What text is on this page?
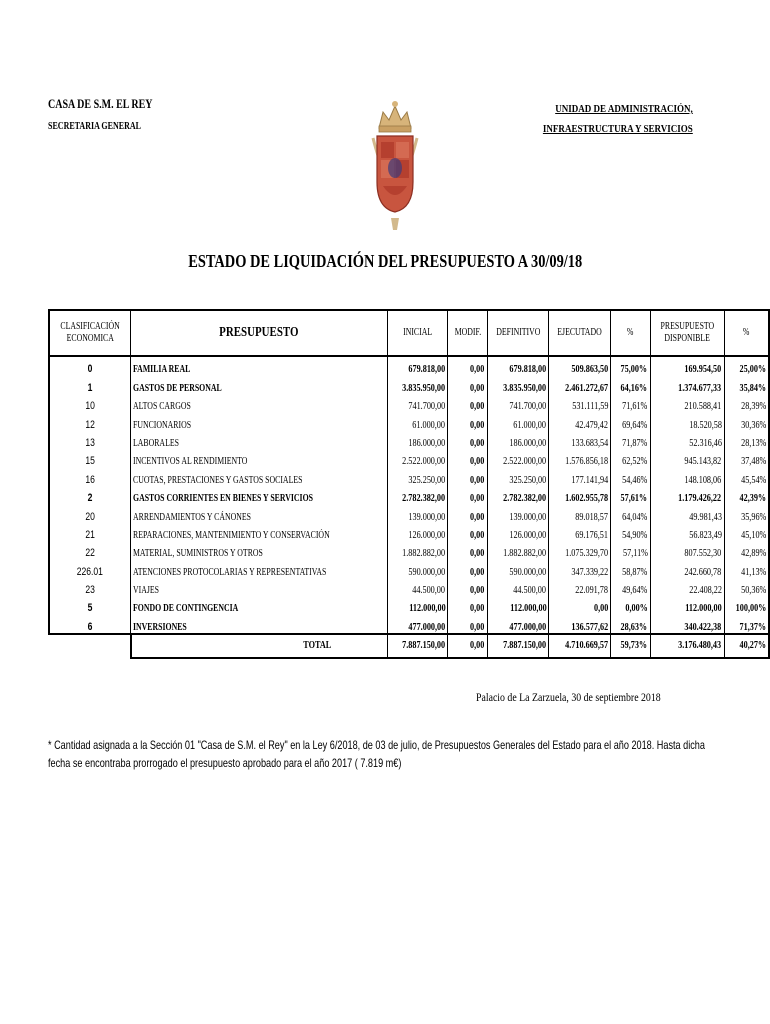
CASA DE S.M. EL REY
SECRETARIA GENERAL
UNIDAD DE ADMINISTRACIÓN,
INFRAESTRUCTURA Y SERVICIOS
ESTADO DE LIQUIDACIÓN DEL PRESUPUESTO A 30/09/18
CLASIFICACIÓN
ECONOMICA	PRESUPUESTO	INICIAL	MODIF.	DEFINITIVO	EJECUTADO	%	PRESUPUESTO
DISPONIBLE	%
0	FAMILIA REAL	679.818,00	0,00	679.818,00	509.863,50	75,00%	169.954,50	25,00%
1	GASTOS DE PERSONAL	3.835.950,00	0,00	3.835.950,00	2.461.272,67	64,16%	1.374.677,33	35,84%
10	ALTOS CARGOS	741.700,00	0,00	741.700,00	531.111,59	71,61%	210.588,41	28,39%
12	FUNCIONARIOS	61.000,00	0,00	61.000,00	42.479,42	69,64%	18.520,58	30,36%
13	LABORALES	186.000,00	0,00	186.000,00	133.683,54	71,87%	52.316,46	28,13%
15	INCENTIVOS AL RENDIMIENTO	2.522.000,00	0,00	2.522.000,00	1.576.856,18	62,52%	945.143,82	37,48%
16	CUOTAS, PRESTACIONES Y GASTOS SOCIALES	325.250,00	0,00	325.250,00	177.141,94	54,46%	148.108,06	45,54%
2	GASTOS CORRIENTES EN BIENES Y SERVICIOS	2.782.382,00	0,00	2.782.382,00	1.602.955,78	57,61%	1.179.426,22	42,39%
20	ARRENDAMIENTOS Y CÁNONES	139.000,00	0,00	139.000,00	89.018,57	64,04%	49.981,43	35,96%
21	REPARACIONES, MANTENIMIENTO Y CONSERVACIÓN	126.000,00	0,00	126.000,00	69.176,51	54,90%	56.823,49	45,10%
22	MATERIAL, SUMINISTROS Y OTROS	1.882.882,00	0,00	1.882.882,00	1.075.329,70	57,11%	807.552,30	42,89%
226.01	ATENCIONES PROTOCOLARIAS Y REPRESENTATIVAS	590.000,00	0,00	590.000,00	347.339,22	58,87%	242.660,78	41,13%
23	VIAJES	44.500,00	0,00	44.500,00	22.091,78	49,64%	22.408,22	50,36%
5	FONDO DE CONTINGENCIA	112.000,00	0,00	112.000,00	0,00	0,00%	112.000,00	100,00%
6	INVERSIONES	477.000,00	0,00	477.000,00	136.577,62	28,63%	340.422,38	71,37%
	TOTAL	7.887.150,00	0,00	7.887.150,00	4.710.669,57	59,73%	3.176.480,43	40,27%
Palacio de La Zarzuela, 30 de septiembre 2018
* Cantidad asignada a la Sección 01 "Casa de S.M. el Rey" en la Ley 6/2018, de 03 de julio, de Presupuestos Generales del Estado para el año 2018. Hasta dicha fecha se encontraba prorrogado el presupuesto aprobado para el año 2017 ( 7.819 m€)
